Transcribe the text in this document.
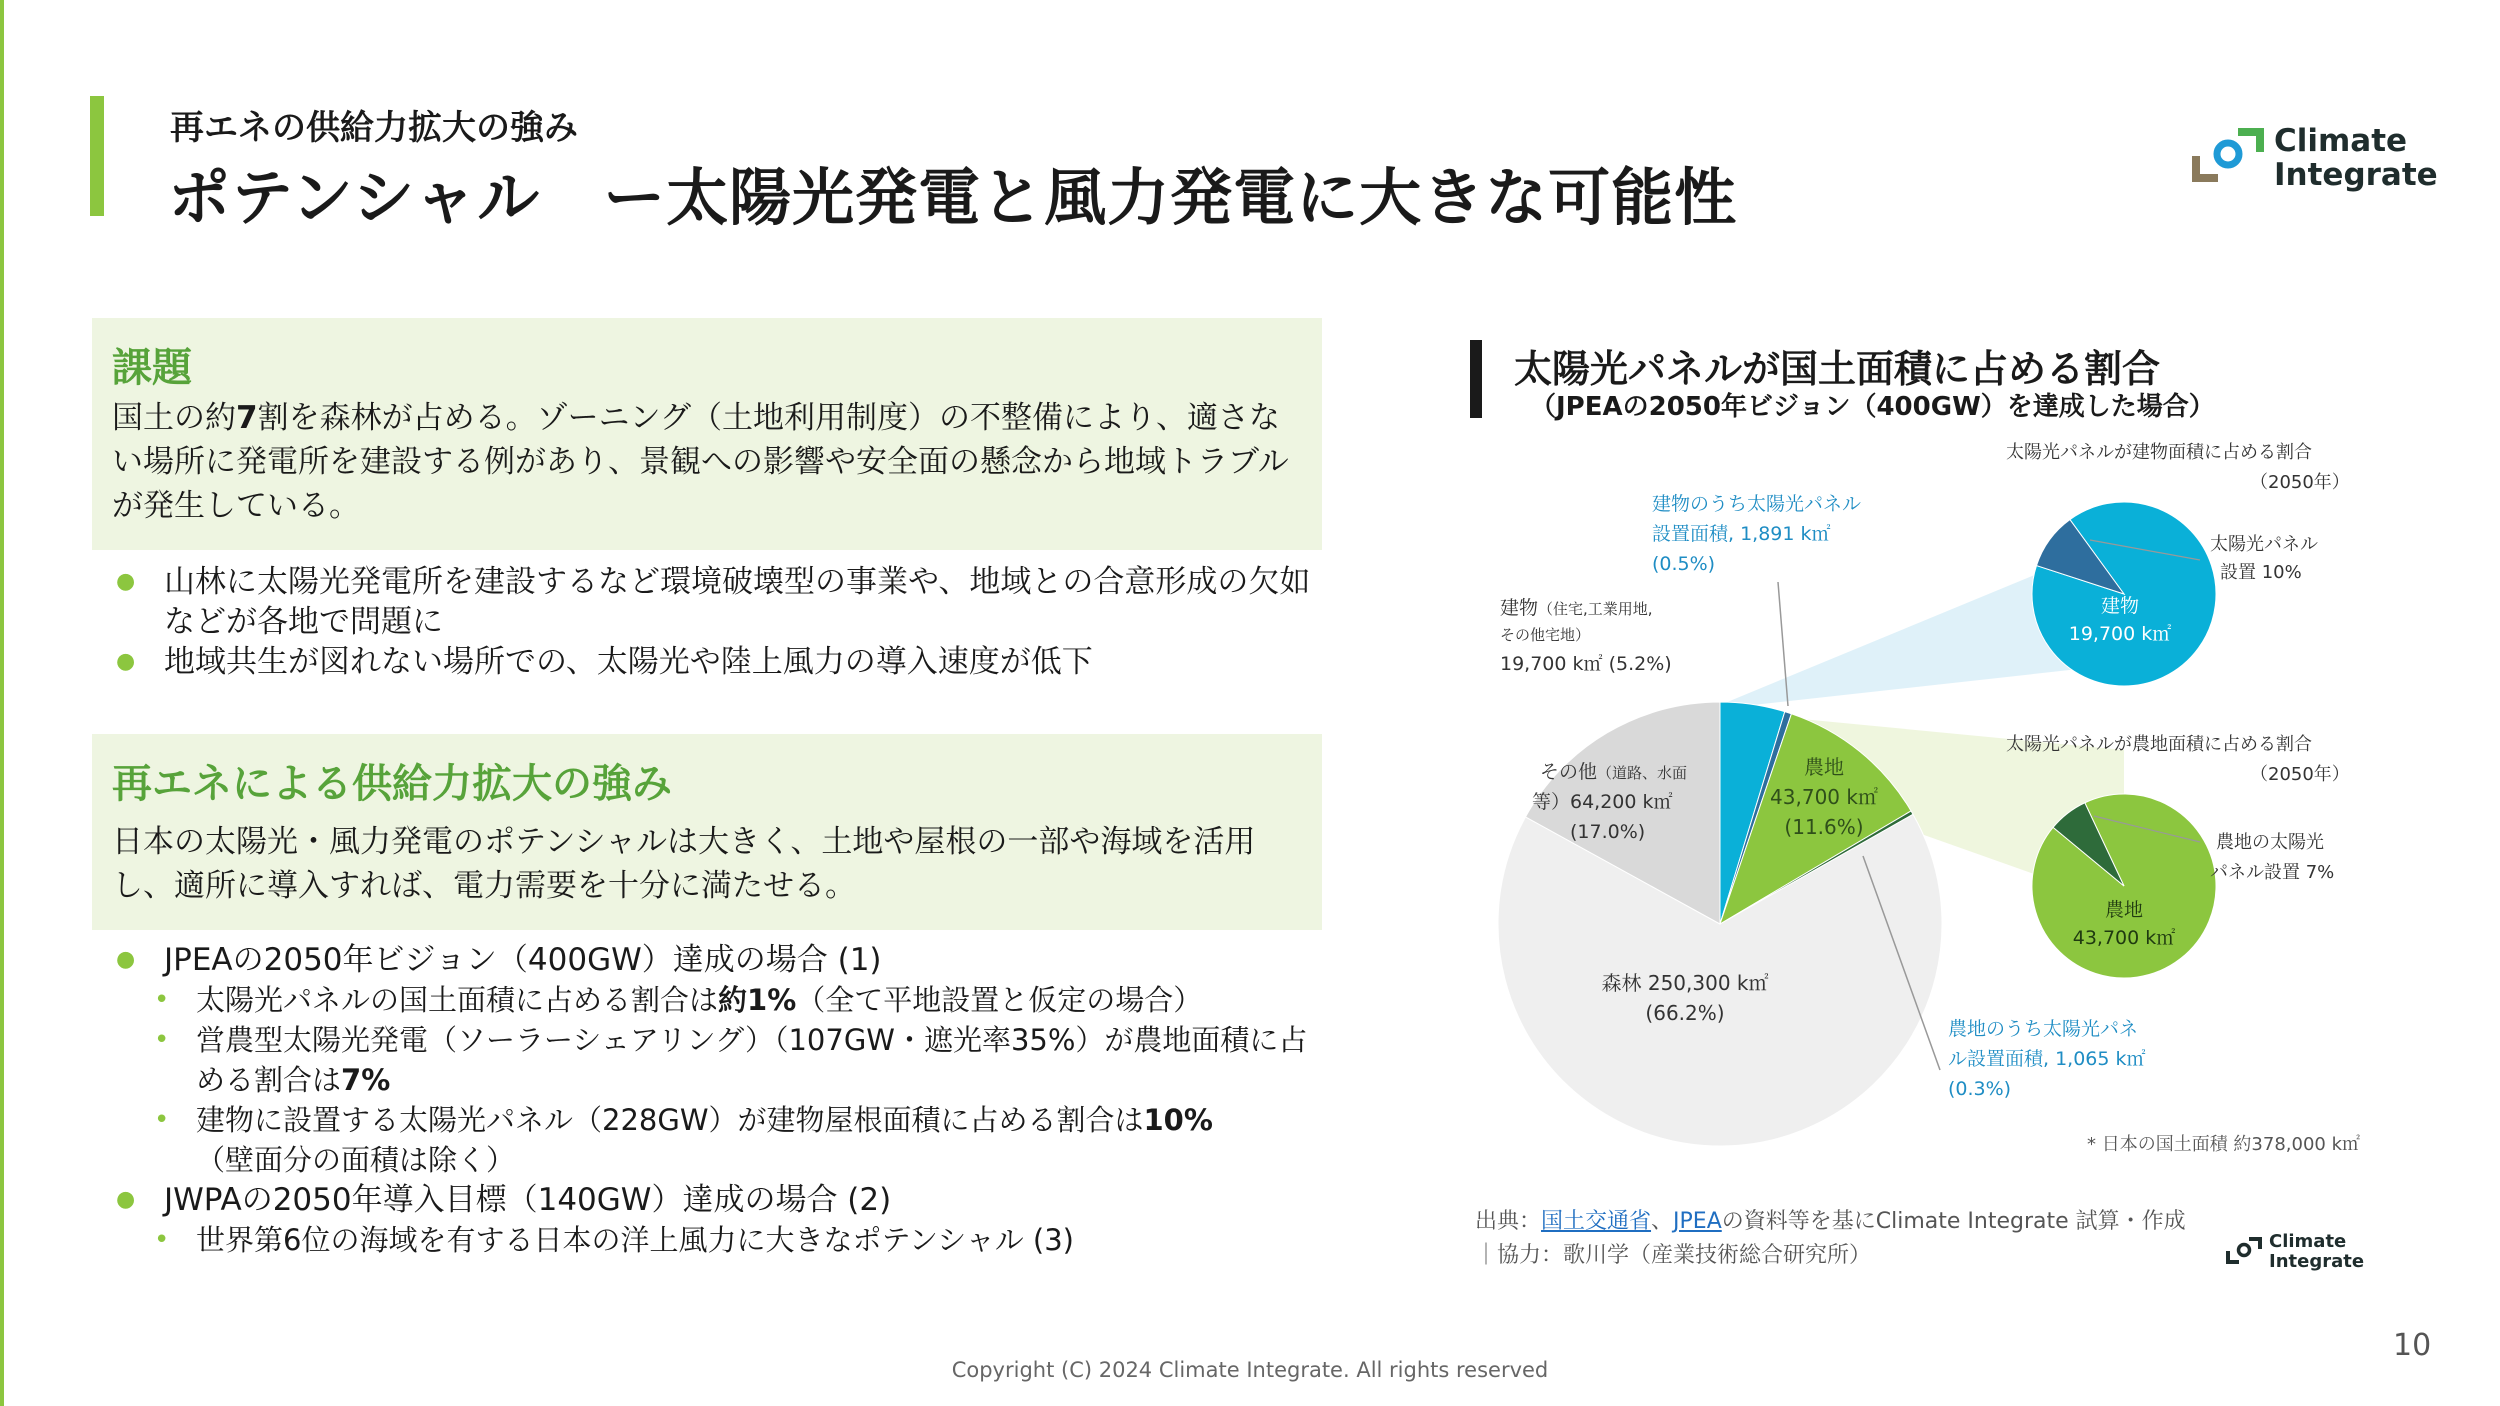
再エネの供給力拡大の強み
ポテンシャル　ー太陽光発電と風力発電に大きな可能性
Climate
Integrate
課題

国土の約7割を森林が占める。ゾーニング（土地利用制度）の不整備により、適さない場所に発電所を建設する例があり、景観への影響や安全面の懸念から地域トラブルが発生している。

● 山林に太陽光発電所を建設するなど環境破壊型の事業や、地域との合意形成の欠如などが各地で問題に
● 地域共生が図れない場所での、太陽光や陸上風力の導入速度が低下
再エネによる供給力拡大の強み

日本の太陽光・風力発電のポテンシャルは大きく、土地や屋根の一部や海域を活用し、適所に導入すれば、電力需要を十分に満たせる。

● JPEAの2050年ビジョン（400GW）達成の場合 (1)
• 太陽光パネルの国土面積に占める割合は約1%（全て平地設置と仮定の場合）
• 営農型太陽光発電（ソーラーシェアリング）（107GW・遮光率35%）が農地面積に占める割合は7%
• 建物に設置する太陽光パネル（228GW）が建物屋根面積に占める割合は10%
（壁面分の面積は除く）
● JWPAの2050年導入目標（140GW）達成の場合 (2)
• 世界第6位の海域を有する日本の洋上風力に大きなポテンシャル (3)
太陽光パネルが国土面積に占める割合
（JPEAの2050年ビジョン（400GW）を達成した場合）
建物のうち太陽光パネル
設置面積, 1,891 k㎡
(0.5%)
建物（住宅,工業用地,
その他宅地）
19,700 k㎡ (5.2%)
その他（道路、水面
等）64,200 k㎡
(17.0%)
農地
43,700 k㎡
(11.6%)
森林 250,300 k㎡
(66.2%)
農地のうち太陽光パネ
ル設置面積, 1,065 k㎡
(0.3%)
太陽光パネルが建物面積に占める割合
（2050年）
太陽光パネル
設置 10%
建物
19,700 k㎡
太陽光パネルが農地面積に占める割合
（2050年）
農地の太陽光
パネル設置 7%
農地
43,700 k㎡
* 日本の国土面積 約378,000 k㎡
出典：国土交通省、JPEAの資料等を基にClimate Integrate 試算・作成
｜協力：歌川学（産業技術総合研究所）
Climate
Integrate
10
Copyright (C) 2024 Climate Integrate. All rights reserved
